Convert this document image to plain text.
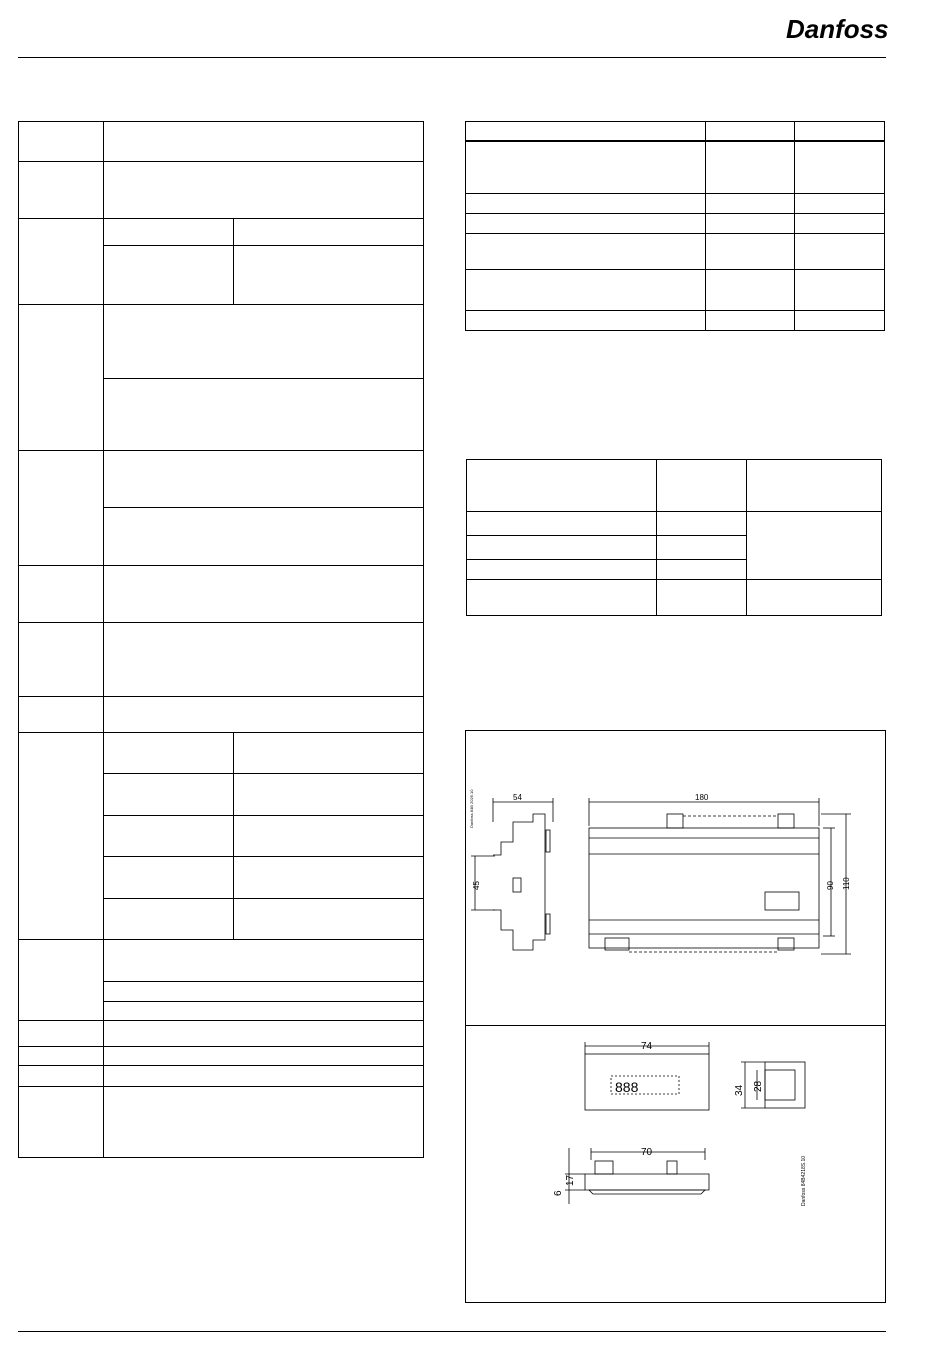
Danfoss
54	180
45	90 110
Danfoss 84B 2026.10
74
70
888	34 28
17
6	Danfoss 84B4218S.10
